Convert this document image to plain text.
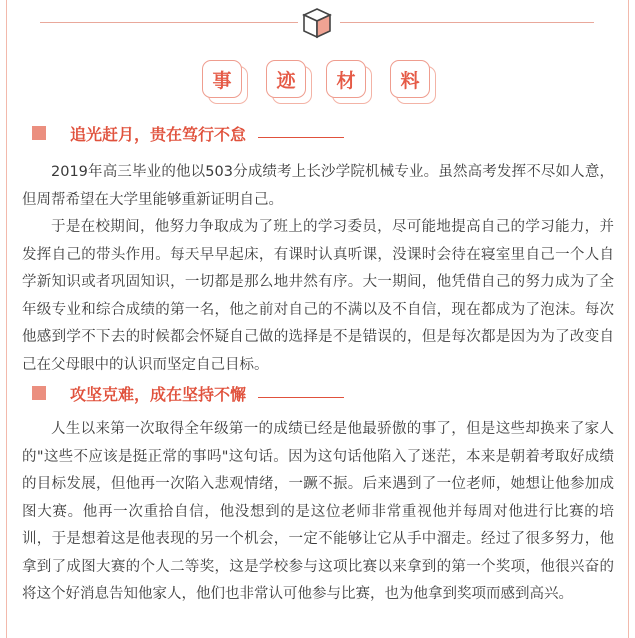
事	迹	材	料
追光赶月，贵在笃行不怠

2019年高三毕业的他以503分成绩考上长沙学院机械专业。虽然高考发挥不尽如人意，但周帮希望在大学里能够重新证明自己。

于是在校期间，他努力争取成为了班上的学习委员，尽可能地提高自己的学习能力，并发挥自己的带头作用。每天早早起床，有课时认真听课，没课时会待在寝室里自己一个人自学新知识或者巩固知识，一切都是那么地井然有序。大一期间，他凭借自己的努力成为了全年级专业和综合成绩的第一名，他之前对自己的不满以及不自信，现在都成为了泡沫。每次他感到学不下去的时候都会怀疑自己做的选择是不是错误的，但是每次都是因为为了改变自己在父母眼中的认识而坚定自己目标。

攻坚克难，成在坚持不懈

人生以来第一次取得全年级第一的成绩已经是他最骄傲的事了，但是这些却换来了家人的"这些不应该是挺正常的事吗"这句话。因为这句话他陷入了迷茫，本来是朝着考取好成绩的目标发展，但他再一次陷入悲观情绪，一蹶不振。后来遇到了一位老师，她想让他参加成图大赛。他再一次重拾自信，他没想到的是这位老师非常重视他并每周对他进行比赛的培训，于是想着这是他表现的另一个机会，一定不能够让它从手中溜走。经过了很多努力，他拿到了成图大赛的个人二等奖，这是学校参与这项比赛以来拿到的第一个奖项，他很兴奋的将这个好消息告知他家人，他们也非常认可他参与比赛，也为他拿到奖项而感到高兴。
